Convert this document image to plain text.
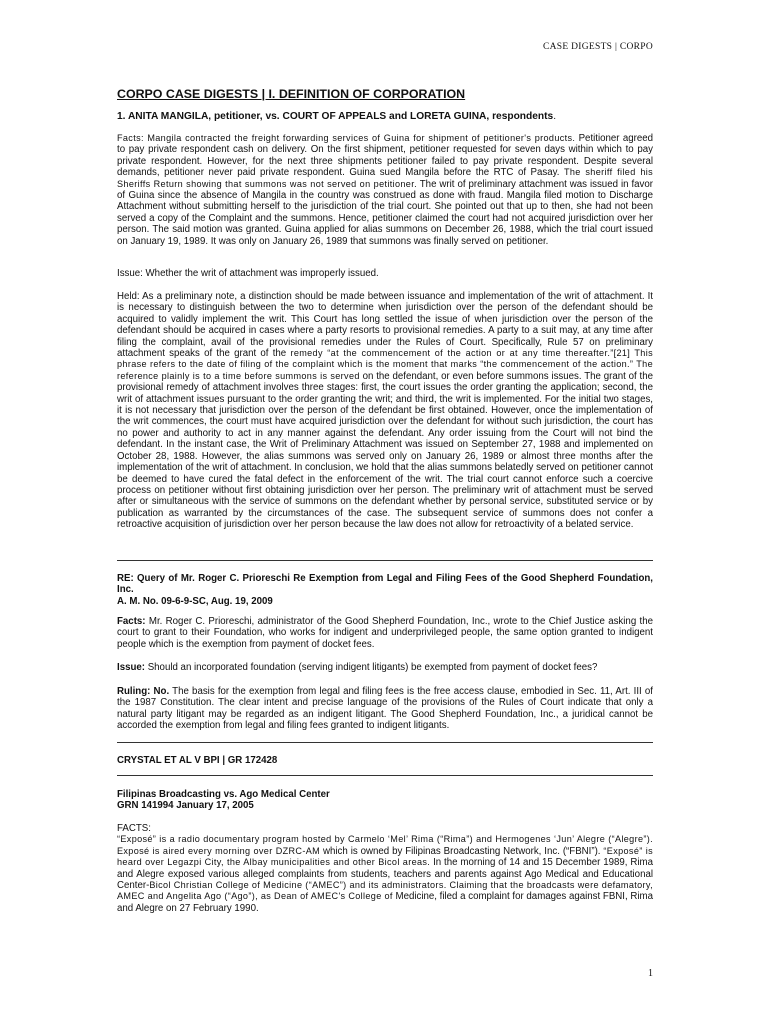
CASE DIGESTS | CORPO
CORPO CASE DIGESTS | I. DEFINITION OF CORPORATION

1. ANITA MANGILA, petitioner, vs. COURT OF APPEALS and LORETA GUINA, respondents.

Facts: Mangila contracted the freight forwarding services of Guina for shipment of petitioner's products. Petitioner agreed to pay private respondent cash on delivery. On the first shipment, petitioner requested for seven days within which to pay private respondent. However, for the next three shipments petitioner failed to pay private respondent. Despite several demands, petitioner never paid private respondent. Guina sued Mangila before the RTC of Pasay. The sheriff filed his Sheriffs Return showing that summons was not served on petitioner. The writ of preliminary attachment was issued in favor of Guina since the absence of Mangila in the country was construed as done with fraud. Mangila filed motion to Discharge Attachment without submitting herself to the jurisdiction of the trial court. She pointed out that up to then, she had not been served a copy of the Complaint and the summons. Hence, petitioner claimed the court had not acquired jurisdiction over her person. The said motion was granted. Guina applied for alias summons on December 26, 1988, which the trial court issued on January 19, 1989. It was only on January 26, 1989 that summons was finally served on petitioner.

Issue: Whether the writ of attachment was improperly issued.

Held: As a preliminary note, a distinction should be made between issuance and implementation of the writ of attachment. It is necessary to distinguish between the two to determine when jurisdiction over the person of the defendant should be acquired to validly implement the writ. This Court has long settled the issue of when jurisdiction over the person of the defendant should be acquired in cases where a party resorts to provisional remedies. A party to a suit may, at any time after filing the complaint, avail of the provisional remedies under the Rules of Court. Specifically, Rule 57 on preliminary attachment speaks of the grant of the remedy “at the commencement of the action or at any time thereafter.”[21] This phrase refers to the date of filing of the complaint which is the moment that marks “the commencement of the action.” The reference plainly is to a time before summons is served on the defendant, or even before summons issues. The grant of the provisional remedy of attachment involves three stages: first, the court issues the order granting the application; second, the writ of attachment issues pursuant to the order granting the writ; and third, the writ is implemented. For the initial two stages, it is not necessary that jurisdiction over the person of the defendant be first obtained. However, once the implementation of the writ commences, the court must have acquired jurisdiction over the defendant for without such jurisdiction, the court has no power and authority to act in any manner against the defendant. Any order issuing from the Court will not bind the defendant. In the instant case, the Writ of Preliminary Attachment was issued on September 27, 1988 and implemented on October 28, 1988. However, the alias summons was served only on January 26, 1989 or almost three months after the implementation of the writ of attachment. In conclusion, we hold that the alias summons belatedly served on petitioner cannot be deemed to have cured the fatal defect in the enforcement of the writ. The trial court cannot enforce such a coercive process on petitioner without first obtaining jurisdiction over her person. The preliminary writ of attachment must be served after or simultaneous with the service of summons on the defendant whether by personal service, substituted service or by publication as warranted by the circumstances of the case. The subsequent service of summons does not confer a retroactive acquisition of jurisdiction over her person because the law does not allow for retroactivity of a belated service.

RE: Query of Mr. Roger C. Prioreschi Re Exemption from Legal and Filing Fees of the Good Shepherd Foundation, Inc.

A. M. No. 09-6-9-SC, Aug. 19, 2009

Facts: Mr. Roger C. Prioreschi, administrator of the Good Shepherd Foundation, Inc., wrote to the Chief Justice asking the court to grant to their Foundation, who works for indigent and underprivileged people, the same option granted to indigent people which is the exemption from payment of docket fees.

Issue: Should an incorporated foundation (serving indigent litigants) be exempted from payment of docket fees?

Ruling: No. The basis for the exemption from legal and filing fees is the free access clause, embodied in Sec. 11, Art. III of the 1987 Constitution. The clear intent and precise language of the provisions of the Rules of Court indicate that only a natural party litigant may be regarded as an indigent litigant. The Good Shepherd Foundation, Inc., a juridical cannot be accorded the exemption from legal and filing fees granted to indigent litigants.

CRYSTAL ET AL V BPI | GR 172428

Filipinas Broadcasting vs. Ago Medical Center

GRN 141994 January 17, 2005

FACTS:

“Exposé” is a radio documentary program hosted by Carmelo ‘Mel’ Rima (“Rima”) and Hermogenes ‘Jun’ Alegre (“Alegre”). Exposé is aired every morning over DZRC-AM which is owned by Filipinas Broadcasting Network, Inc. (“FBNI”). “Exposé” is heard over Legazpi City, the Albay municipalities and other Bicol areas. In the morning of 14 and 15 December 1989, Rima and Alegre exposed various alleged complaints from students, teachers and parents against Ago Medical and Educational Center-Bicol Christian College of Medicine (“AMEC”) and its administrators. Claiming that the broadcasts were defamatory, AMEC and Angelita Ago (“Ago”), as Dean of AMEC's College of Medicine, filed a complaint for damages against FBNI, Rima and Alegre on 27 February 1990.

1
